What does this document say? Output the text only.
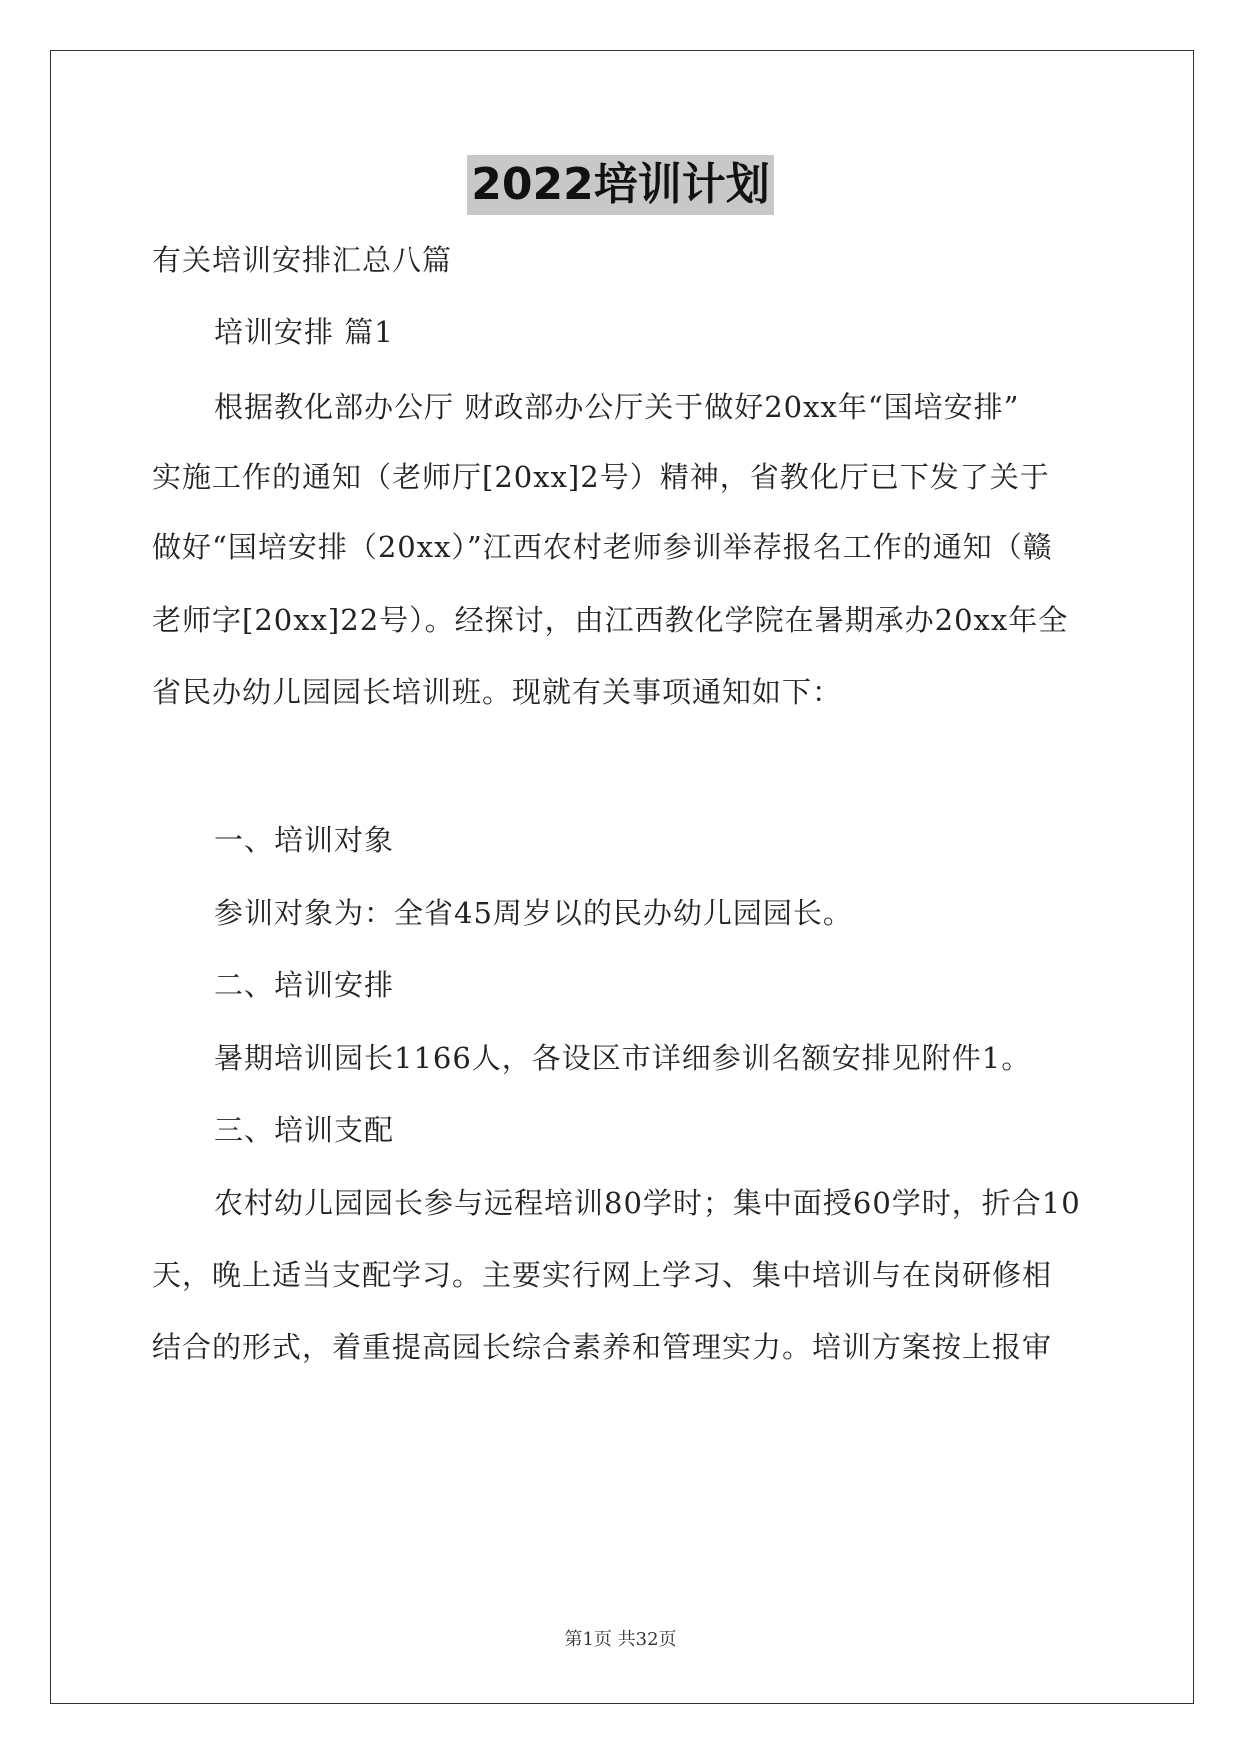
2022培训计划
有关培训安排汇总八篇
培训安排 篇1
根据教化部办公厅 财政部办公厅关于做好20xx年“国培安排”
实施工作的通知（老师厅[20xx]2号）精神，省教化厅已下发了关于
做好“国培安排（20xx）”江西农村老师参训举荐报名工作的通知（赣
老师字[20xx]22号）。经探讨，由江西教化学院在暑期承办20xx年全
省民办幼儿园园长培训班。现就有关事项通知如下：
一、培训对象
参训对象为：全省45周岁以的民办幼儿园园长。
二、培训安排
暑期培训园长1166人，各设区市详细参训名额安排见附件1。
三、培训支配
农村幼儿园园长参与远程培训80学时；集中面授60学时，折合10
天，晚上适当支配学习。主要实行网上学习、集中培训与在岗研修相
结合的形式，着重提高园长综合素养和管理实力。培训方案按上报审
第1页 共32页
